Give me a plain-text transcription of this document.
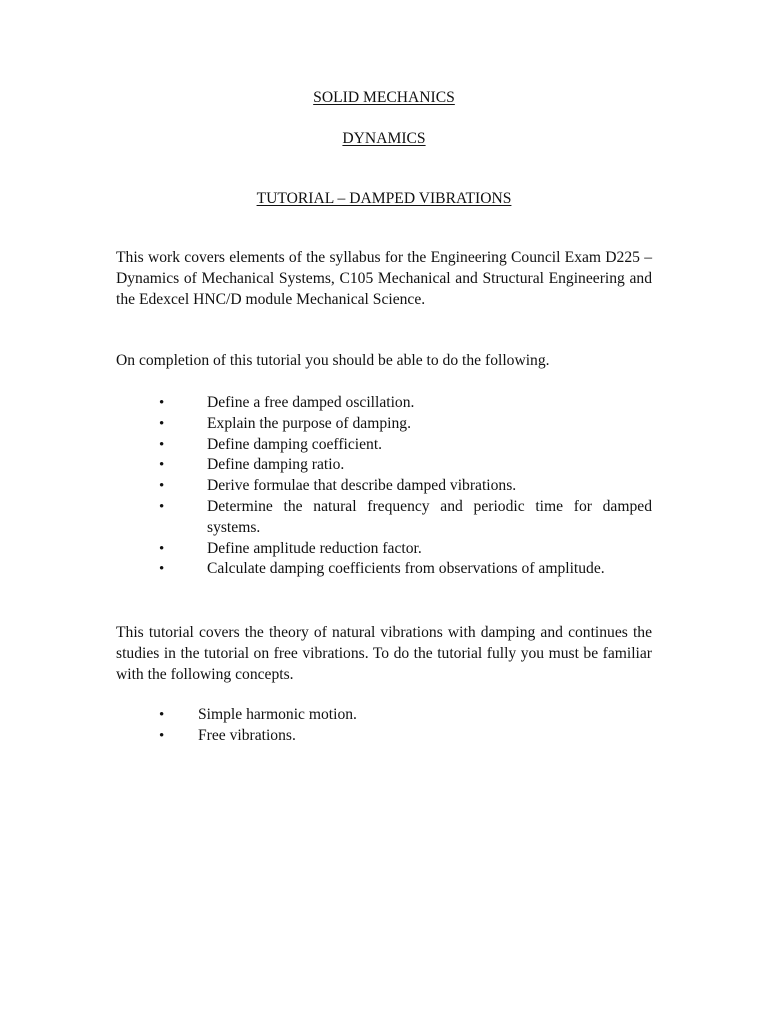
SOLID MECHANICS
DYNAMICS
TUTORIAL – DAMPED VIBRATIONS

This work covers elements of the syllabus for the Engineering Council Exam D225 – Dynamics of Mechanical Systems, C105 Mechanical and Structural Engineering and the Edexcel HNC/D module Mechanical Science.

On completion of this tutorial you should be able to do the following.

•	Define a free damped oscillation.
•	Explain the purpose of damping.
•	Define damping coefficient.
•	Define damping ratio.
•	Derive formulae that describe damped vibrations.
•	Determine the natural frequency and periodic time for damped systems.
•	Define amplitude reduction factor.
•	Calculate damping coefficients from observations of amplitude.

This tutorial covers the theory of natural vibrations with damping and continues the studies in the tutorial on free vibrations. To do the tutorial fully you must be familiar with the following concepts.

• Simple harmonic motion.
• Free vibrations.
